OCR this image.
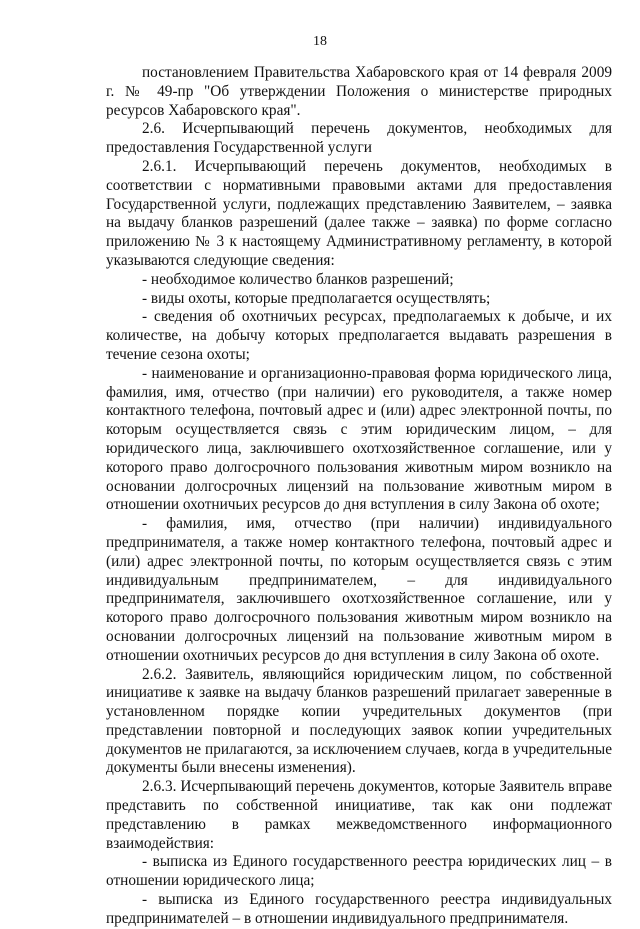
18

постановлением Правительства Хабаровского края от 14 февраля 2009 г. № 49-пр "Об утверждении Положения о министерстве природных ресурсов Хабаровского края".

2.6. Исчерпывающий перечень документов, необходимых для предоставления Государственной услуги

2.6.1. Исчерпывающий перечень документов, необходимых в соответствии с нормативными правовыми актами для предоставления Государственной услуги, подлежащих представлению Заявителем, – заявка на выдачу бланков разрешений (далее также – заявка) по форме согласно приложению № 3 к настоящему Административному регламенту, в которой указываются следующие сведения:

- необходимое количество бланков разрешений;

- виды охоты, которые предполагается осуществлять;

- сведения об охотничьих ресурсах, предполагаемых к добыче, и их количестве, на добычу которых предполагается выдавать разрешения в течение сезона охоты;

- наименование и организационно-правовая форма юридического лица, фамилия, имя, отчество (при наличии) его руководителя, а также номер контактного телефона, почтовый адрес и (или) адрес электронной почты, по которым осуществляется связь с этим юридическим лицом, – для юридического лица, заключившего охотхозяйственное соглашение, или у которого право долгосрочного пользования животным миром возникло на основании долгосрочных лицензий на пользование животным миром в отношении охотничьих ресурсов до дня вступления в силу Закона об охоте;

- фамилия, имя, отчество (при наличии) индивидуального предпринимателя, а также номер контактного телефона, почтовый адрес и (или) адрес электронной почты, по которым осуществляется связь с этим индивидуальным предпринимателем, – для индивидуального предпринимателя, заключившего охотхозяйственное соглашение, или у которого право долгосрочного пользования животным миром возникло на основании долгосрочных лицензий на пользование животным миром в отношении охотничьих ресурсов до дня вступления в силу Закона об охоте.

2.6.2. Заявитель, являющийся юридическим лицом, по собственной инициативе к заявке на выдачу бланков разрешений прилагает заверенные в установленном порядке копии учредительных документов (при представлении повторной и последующих заявок копии учредительных документов не прилагаются, за исключением случаев, когда в учредительные документы были внесены изменения).

2.6.3. Исчерпывающий перечень документов, которые Заявитель вправе представить по собственной инициативе, так как они подлежат представлению в рамках межведомственного информационного взаимодействия:

- выписка из Единого государственного реестра юридических лиц – в отношении юридического лица;

- выписка из Единого государственного реестра индивидуальных предпринимателей – в отношении индивидуального предпринимателя.
